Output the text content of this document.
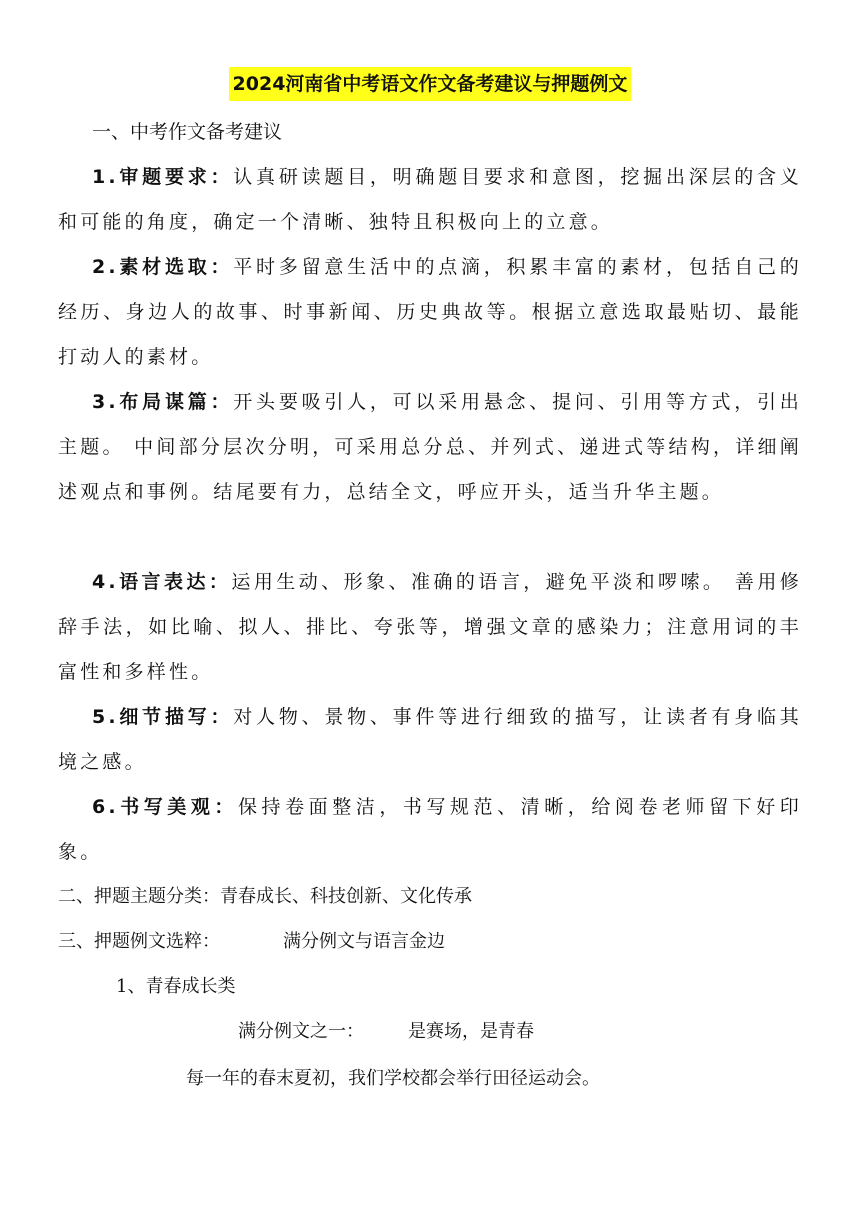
2024河南省中考语文作文备考建议与押题例文
一、中考作文备考建议
1.审题要求：认真研读题目，明确题目要求和意图，挖掘出深层的含义和可能的角度，确定一个清晰、独特且积极向上的立意。
2.素材选取：平时多留意生活中的点滴，积累丰富的素材，包括自己的经历、身边人的故事、时事新闻、历史典故等。根据立意选取最贴切、最能打动人的素材。
3.布局谋篇：开头要吸引人，可以采用悬念、提问、引用等方式，引出主题。 中间部分层次分明，可采用总分总、并列式、递进式等结构，详细阐述观点和事例。结尾要有力，总结全文，呼应开头，适当升华主题。
4.语言表达：运用生动、形象、准确的语言，避免平淡和啰嗦。 善用修辞手法，如比喻、拟人、排比、夸张等，增强文章的感染力；注意用词的丰富性和多样性。
5.细节描写：对人物、景物、事件等进行细致的描写，让读者有身临其境之感。
6.书写美观：保持卷面整洁，书写规范、清晰，给阅卷老师留下好印象。
二、押题主题分类：青春成长、科技创新、文化传承
三、押题例文选粹：	满分例文与语言金边
1、青春成长类
满分例文之一： 是赛场，是青春
每一年的春末夏初，我们学校都会举行田径运动会。
